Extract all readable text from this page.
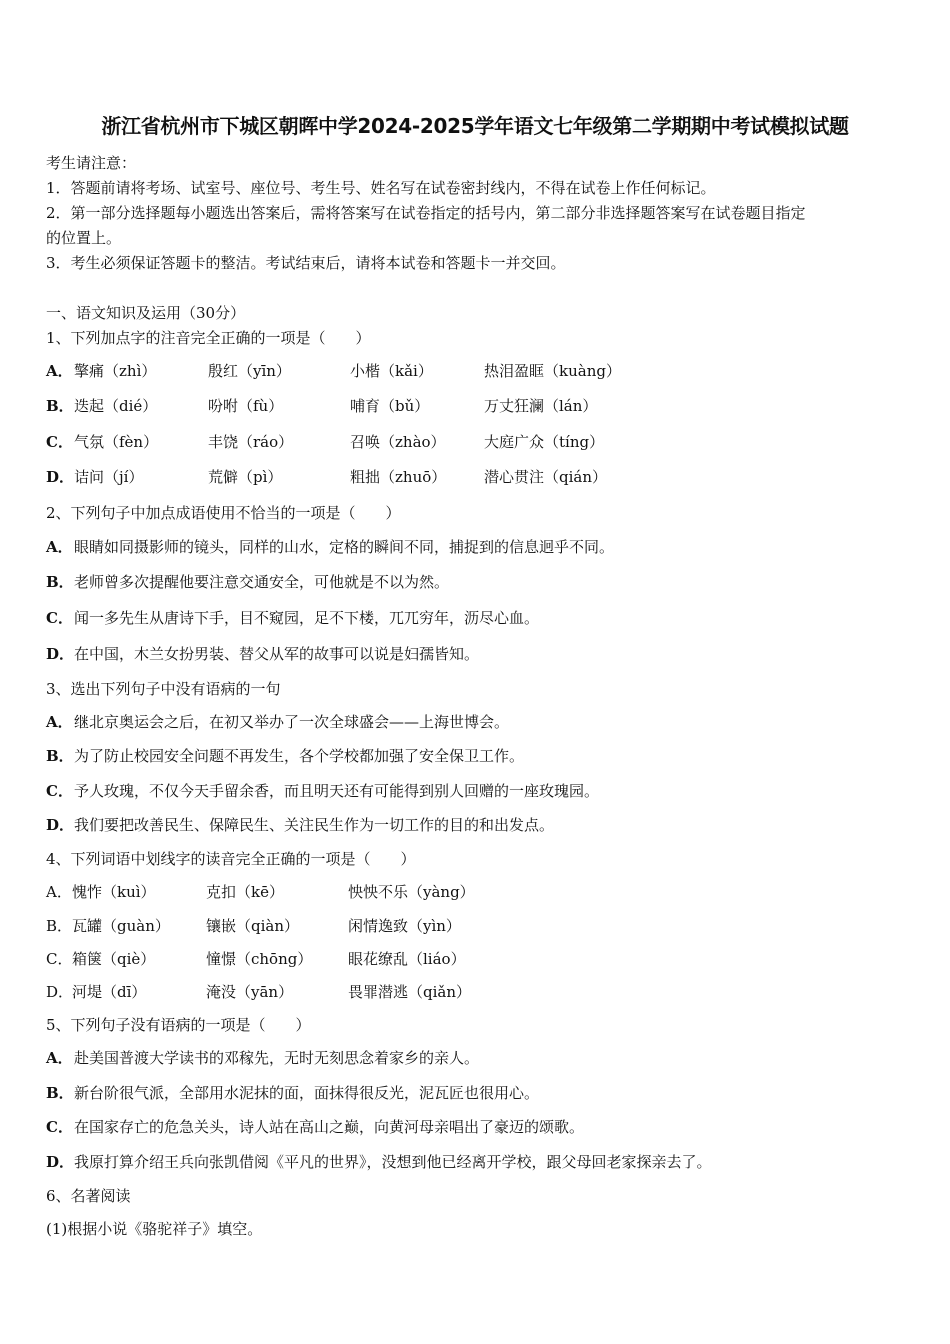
浙江省杭州市下城区朝晖中学2024-2025学年语文七年级第二学期期中考试模拟试题
考生请注意：
1．答题前请将考场、试室号、座位号、考生号、姓名写在试卷密封线内，不得在试卷上作任何标记。
2．第一部分选择题每小题选出答案后，需将答案写在试卷指定的括号内，第二部分非选择题答案写在试卷题目指定
的位置上。
3．考生必须保证答题卡的整洁。考试结束后，请将本试卷和答题卡一并交回。
一、语文知识及运用（30分）
1、下列加点字的注音完全正确的一项是（　　）
A． 擎痛（zhì）	殷红（yīn）	小楷（kǎi）	热泪盈眶（kuàng）
B． 迭起（dié）	吩咐（fù）	哺育（bǔ）	万丈狂澜（lán）
C． 气氛（fèn）	丰饶（ráo）	召唤（zhào）	大庭广众（tíng）
D． 诘问（jí）	荒僻（pì）	粗拙（zhuō）	潜心贯注（qián）
2、下列句子中加点成语使用不恰当的一项是（　　）
A． 眼睛如同摄影师的镜头，同样的山水，定格的瞬间不同，捕捉到的信息迥乎不同。
B． 老师曾多次提醒他要注意交通安全，可他就是不以为然。
C． 闻一多先生从唐诗下手，目不窥园，足不下楼，兀兀穷年，沥尽心血。
D． 在中国，木兰女扮男装、替父从军的故事可以说是妇孺皆知。
3、选出下列句子中没有语病的一句
A． 继北京奥运会之后，在初又举办了一次全球盛会——上海世博会。
B． 为了防止校园安全问题不再发生，各个学校都加强了安全保卫工作。
C． 予人玫瑰，不仅今天手留余香，而且明天还有可能得到别人回赠的一座玫瑰园。
D． 我们要把改善民生、保障民生、关注民生作为一切工作的目的和出发点。
4、下列词语中划线字的读音完全正确的一项是（　　）
A． 愧怍（kuì）	克扣（kē）	怏怏不乐（yàng）
B． 瓦罐（guàn） 镶嵌（qiàn）	闲情逸致（yìn）
C． 箱箧（qiè）	憧憬（chōng） 眼花缭乱（liáo）
D．
河堤（dī）	淹没（yān）	畏罪潜逃（qiǎn）
5、下列句子没有语病的一项是（　　）
A． 赴美国普渡大学读书的邓稼先，无时无刻思念着家乡的亲人。
B． 新台阶很气派，全部用水泥抹的面，面抹得很反光，泥瓦匠也很用心。
C． 在国家存亡的危急关头，诗人站在高山之巅，向黄河母亲唱出了豪迈的颂歌。
D． 我原打算介绍王兵向张凯借阅《平凡的世界》，没想到他已经离开学校，跟父母回老家探亲去了。
6、名著阅读
(1)根据小说《骆驼祥子》填空。
